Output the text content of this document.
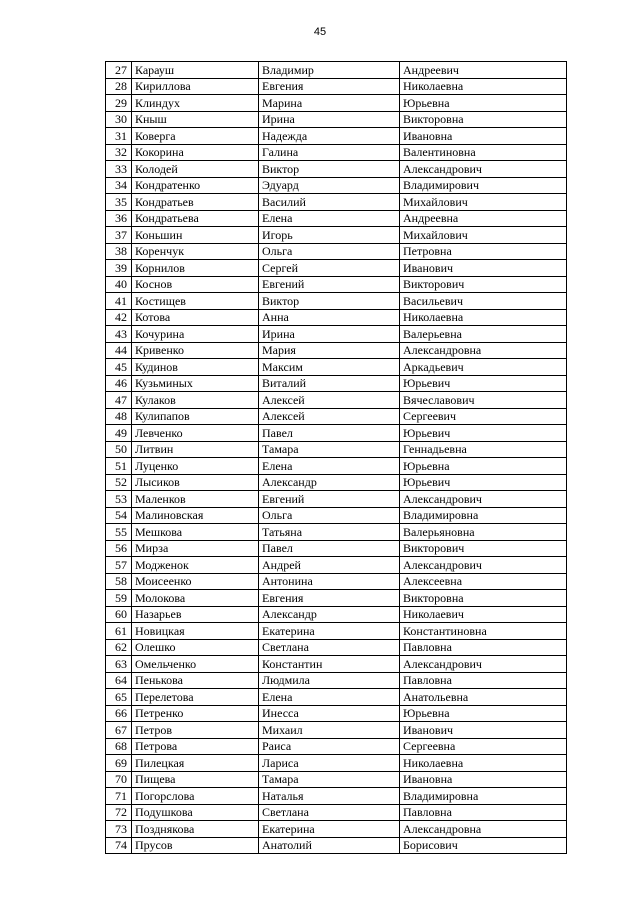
45
27	Карауш	Владимир	Андреевич
28	Кириллова	Евгения	Николаевна
29	Клиндух	Марина	Юрьевна
30	Кныш	Ирина	Викторовна
31	Коверга	Надежда	Ивановна
32	Кокорина	Галина	Валентиновна
33	Колодей	Виктор	Александрович
34	Кондратенко	Эдуард	Владимирович
35	Кондратьев	Василий	Михайлович
36	Кондратьева	Елена	Андреевна
37	Коньшин	Игорь	Михайлович
38	Коренчук	Ольга	Петровна
39	Корнилов	Сергей	Иванович
40	Коснов	Евгений	Викторович
41	Костищев	Виктор	Васильевич
42	Котова	Анна	Николаевна
43	Кочурина	Ирина	Валерьевна
44	Кривенко	Мария	Александровна
45	Кудинов	Максим	Аркадьевич
46	Кузьминых	Виталий	Юрьевич
47	Кулаков	Алексей	Вячеславович
48	Кулипапов	Алексей	Сергеевич
49	Левченко	Павел	Юрьевич
50	Литвин	Тамара	Геннадьевна
51	Луценко	Елена	Юрьевна
52	Лысиков	Александр	Юрьевич
53	Маленков	Евгений	Александрович
54	Малиновская	Ольга	Владимировна
55	Мешкова	Татьяна	Валерьяновна
56	Мирза	Павел	Викторович
57	Модженок	Андрей	Александрович
58	Моисеенко	Антонина	Алексеевна
59	Молокова	Евгения	Викторовна
60	Назарьев	Александр	Николаевич
61	Новицкая	Екатерина	Константиновна
62	Олешко	Светлана	Павловна
63	Омельченко	Константин	Александрович
64	Пенькова	Людмила	Павловна
65	Перелетова	Елена	Анатольевна
66	Петренко	Инесса	Юрьевна
67	Петров	Михаил	Иванович
68	Петрова	Раиса	Сергеевна
69	Пилецкая	Лариса	Николаевна
70	Пищева	Тамара	Ивановна
71	Погорслова	Наталья	Владимировна
72	Подушкова	Светлана	Павловна
73	Позднякова	Екатерина	Александровна
74	Прусов	Анатолий	Борисович
